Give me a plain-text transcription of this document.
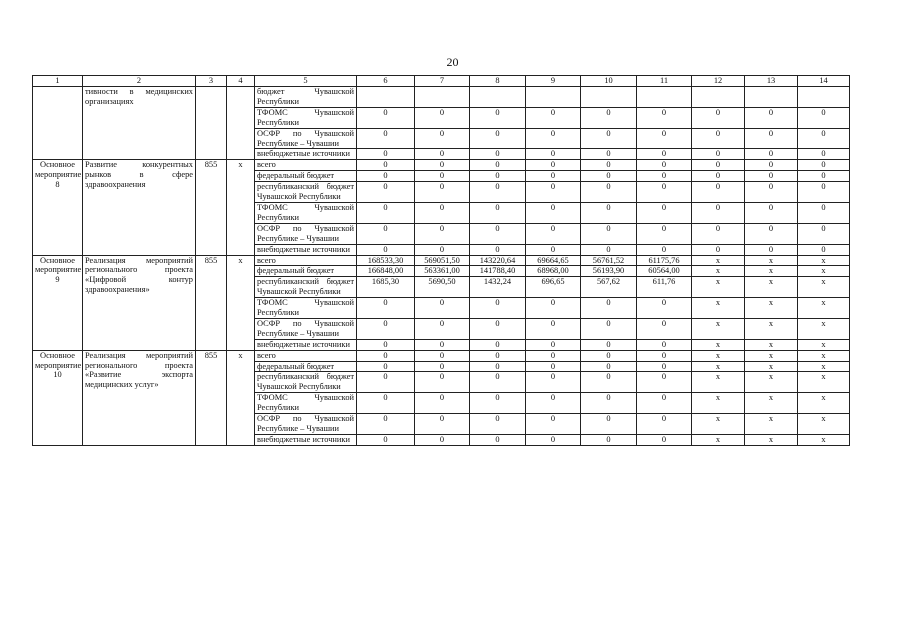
20
1	2	3	4	5	6	7	8	9	10	11	12	13	14
	тивности в медицинских организациях			бюджет Чувашской Республики									
				ТФОМС Чувашской Республики	0	0	0	0	0	0	0	0	0
				ОСФР по Чувашской Республике – Чувашии	0	0	0	0	0	0	0	0	0
				внебюджетные источники	0	0	0	0	0	0	0	0	0
Основное мероприятие 8	Развитие конкурентных рынков в сфере здравоохранения	855	х	всего	0	0	0	0	0	0	0	0	0
				федеральный бюджет	0	0	0	0	0	0	0	0	0
				республиканский бюджет Чувашской Республики	0	0	0	0	0	0	0	0	0
				ТФОМС Чувашской Республики	0	0	0	0	0	0	0	0	0
				ОСФР по Чувашской Республике – Чувашии	0	0	0	0	0	0	0	0	0
				внебюджетные источники	0	0	0	0	0	0	0	0	0
Основное мероприятие 9	Реализация мероприятий регионального проекта «Цифровой контур здравоохранения»	855	х	всего	168533,30	569051,50	143220,64	69664,65	56761,52	61175,76	х	х	х
				федеральный бюджет	166848,00	563361,00	141788,40	68968,00	56193,90	60564,00	х	х	х
				республиканский бюджет Чувашской Республики	1685,30	5690,50	1432,24	696,65	567,62	611,76	х	х	х
				ТФОМС Чувашской Республики	0	0	0	0	0	0	х	х	х
				ОСФР по Чувашской Республике – Чувашии	0	0	0	0	0	0	х	х	х
				внебюджетные источники	0	0	0	0	0	0	х	х	х
Основное мероприятие 10	Реализация мероприятий регионального проекта «Развитие экспорта медицинских услуг»	855	х	всего	0	0	0	0	0	0	х	х	х
				федеральный бюджет	0	0	0	0	0	0	х	х	х
				республиканский бюджет Чувашской Республики	0	0	0	0	0	0	х	х	х
				ТФОМС Чувашской Республики	0	0	0	0	0	0	х	х	х
				ОСФР по Чувашской Республике – Чувашии	0	0	0	0	0	0	х	х	х
				внебюджетные источники	0	0	0	0	0	0	х	х	х
